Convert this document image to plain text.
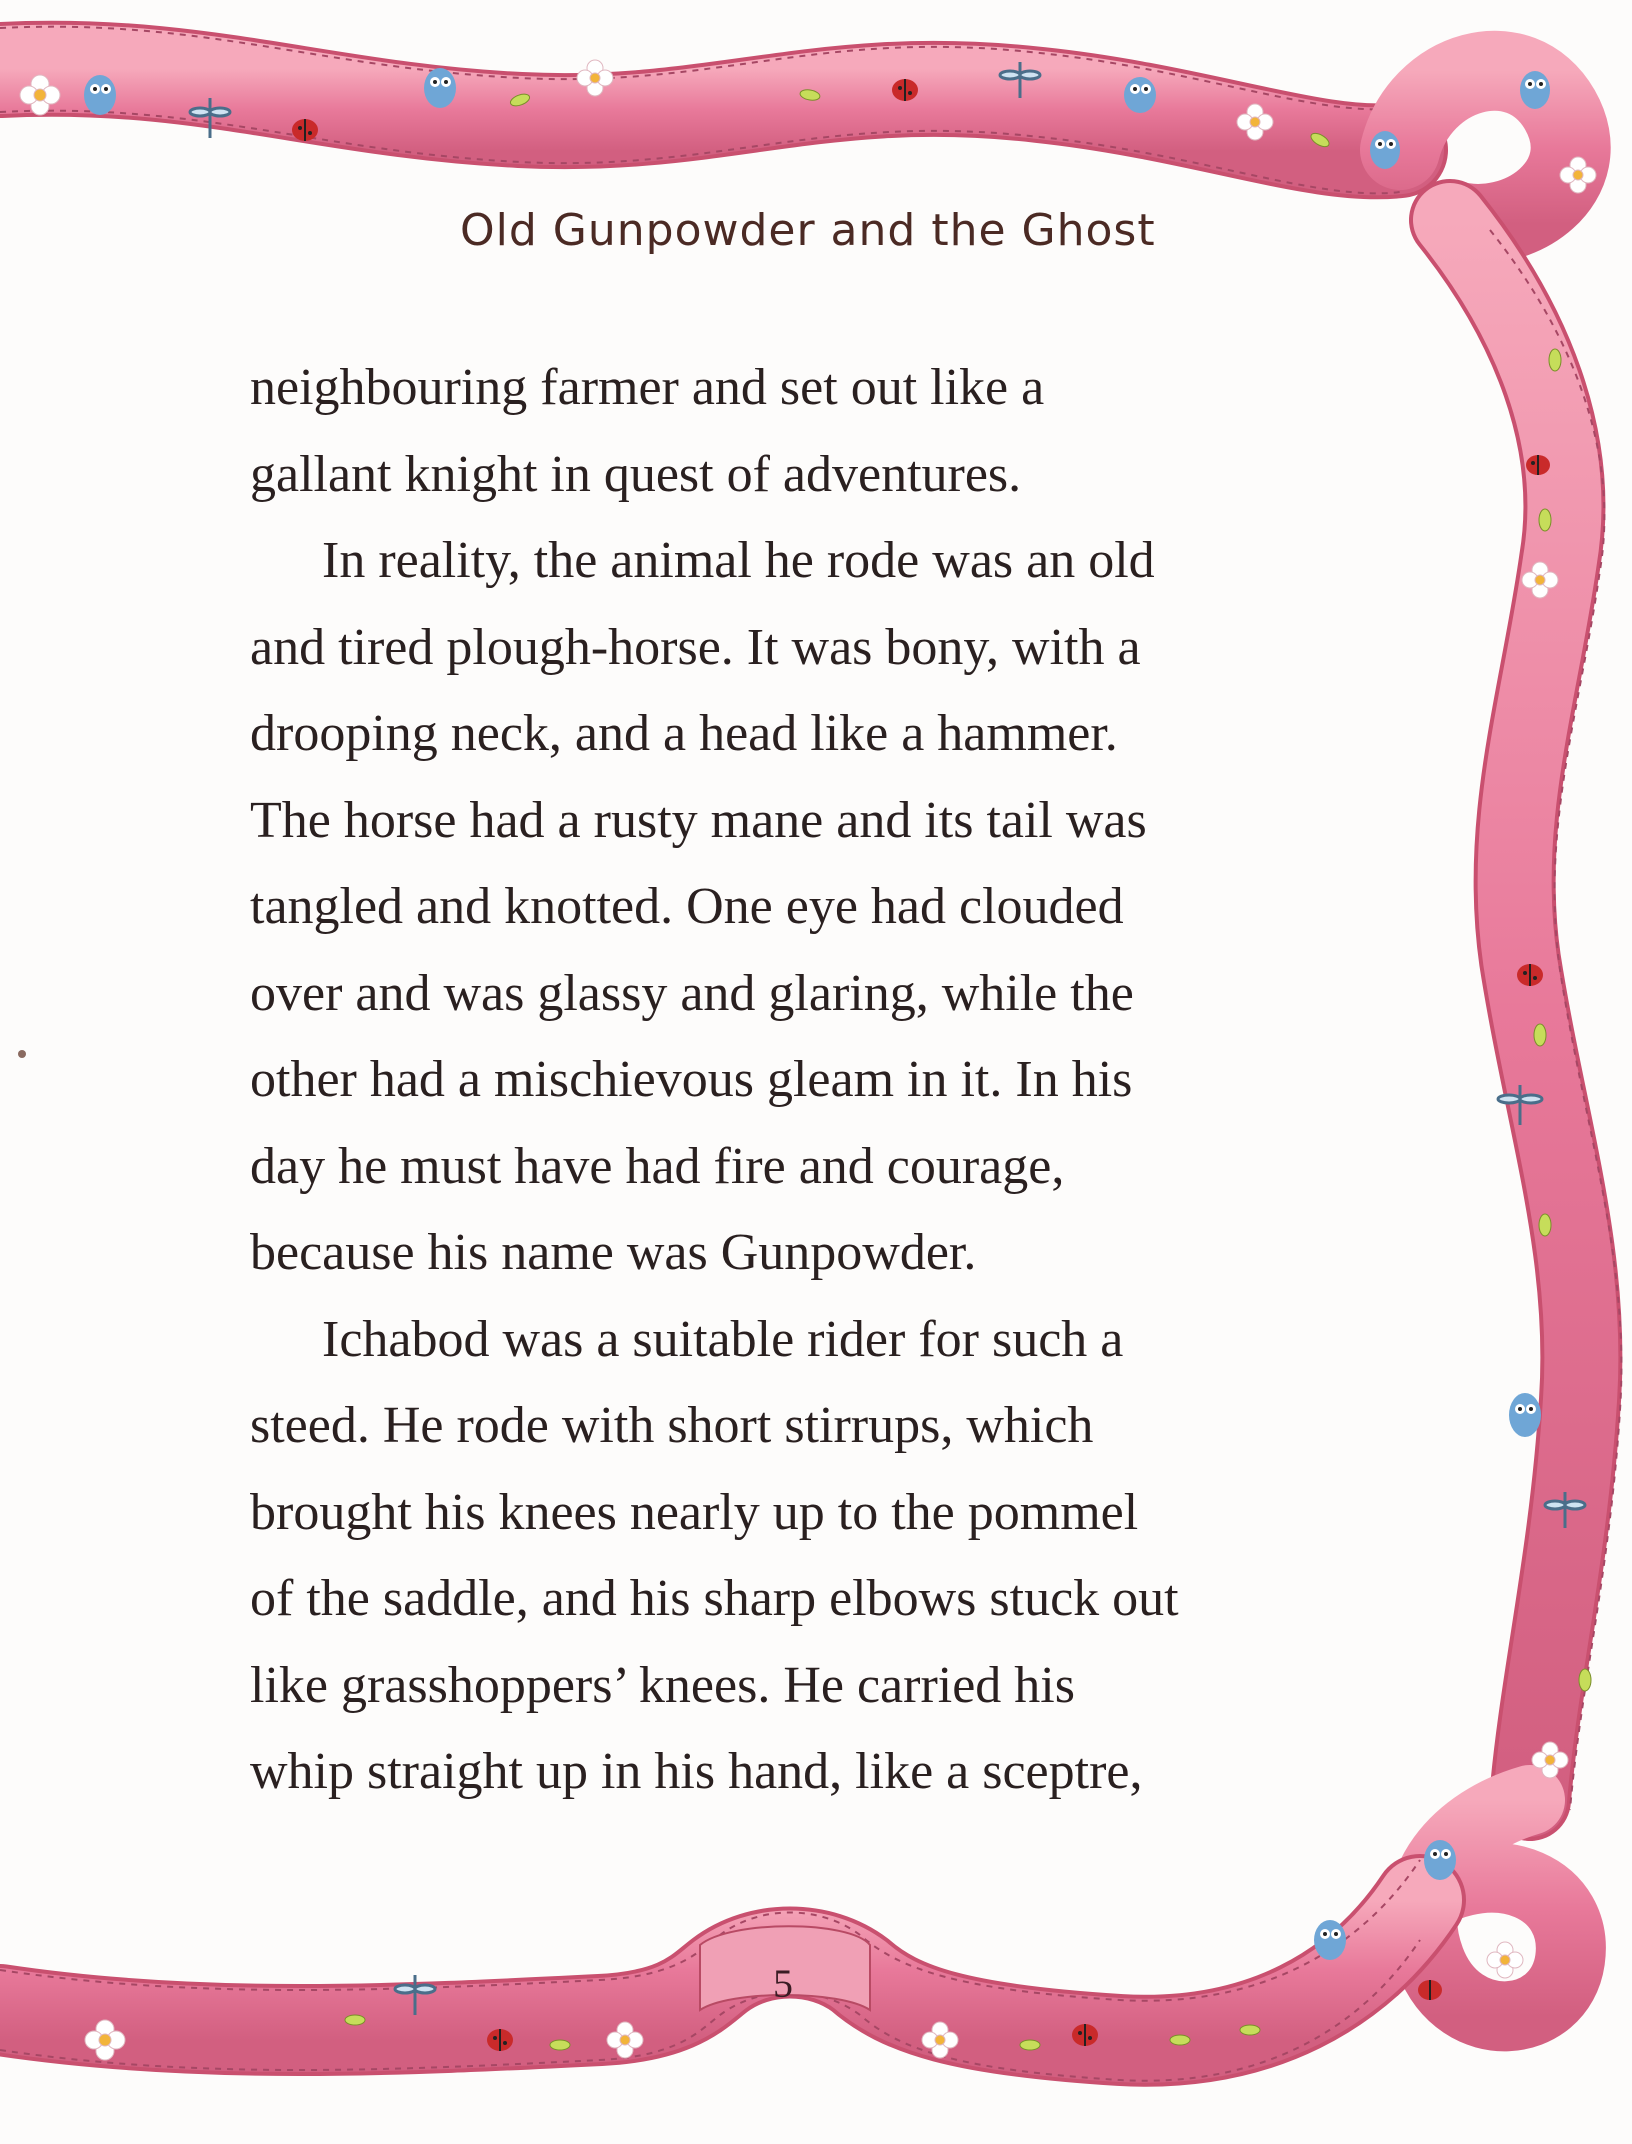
Old Gunpowder and the Ghost
neighbouring farmer and set out like a
gallant knight in quest of adventures.
In reality, the animal he rode was an old
and tired plough-horse. It was bony, with a
drooping neck, and a head like a hammer.
The horse had a rusty mane and its tail was
tangled and knotted. One eye had clouded
over and was glassy and glaring, while the
other had a mischievous gleam in it. In his
day he must have had fire and courage,
because his name was Gunpowder.
Ichabod was a suitable rider for such a
steed. He rode with short stirrups, which
brought his knees nearly up to the pommel
of the saddle, and his sharp elbows stuck out
like grasshoppers’ knees. He carried his
whip straight up in his hand, like a sceptre,
5
